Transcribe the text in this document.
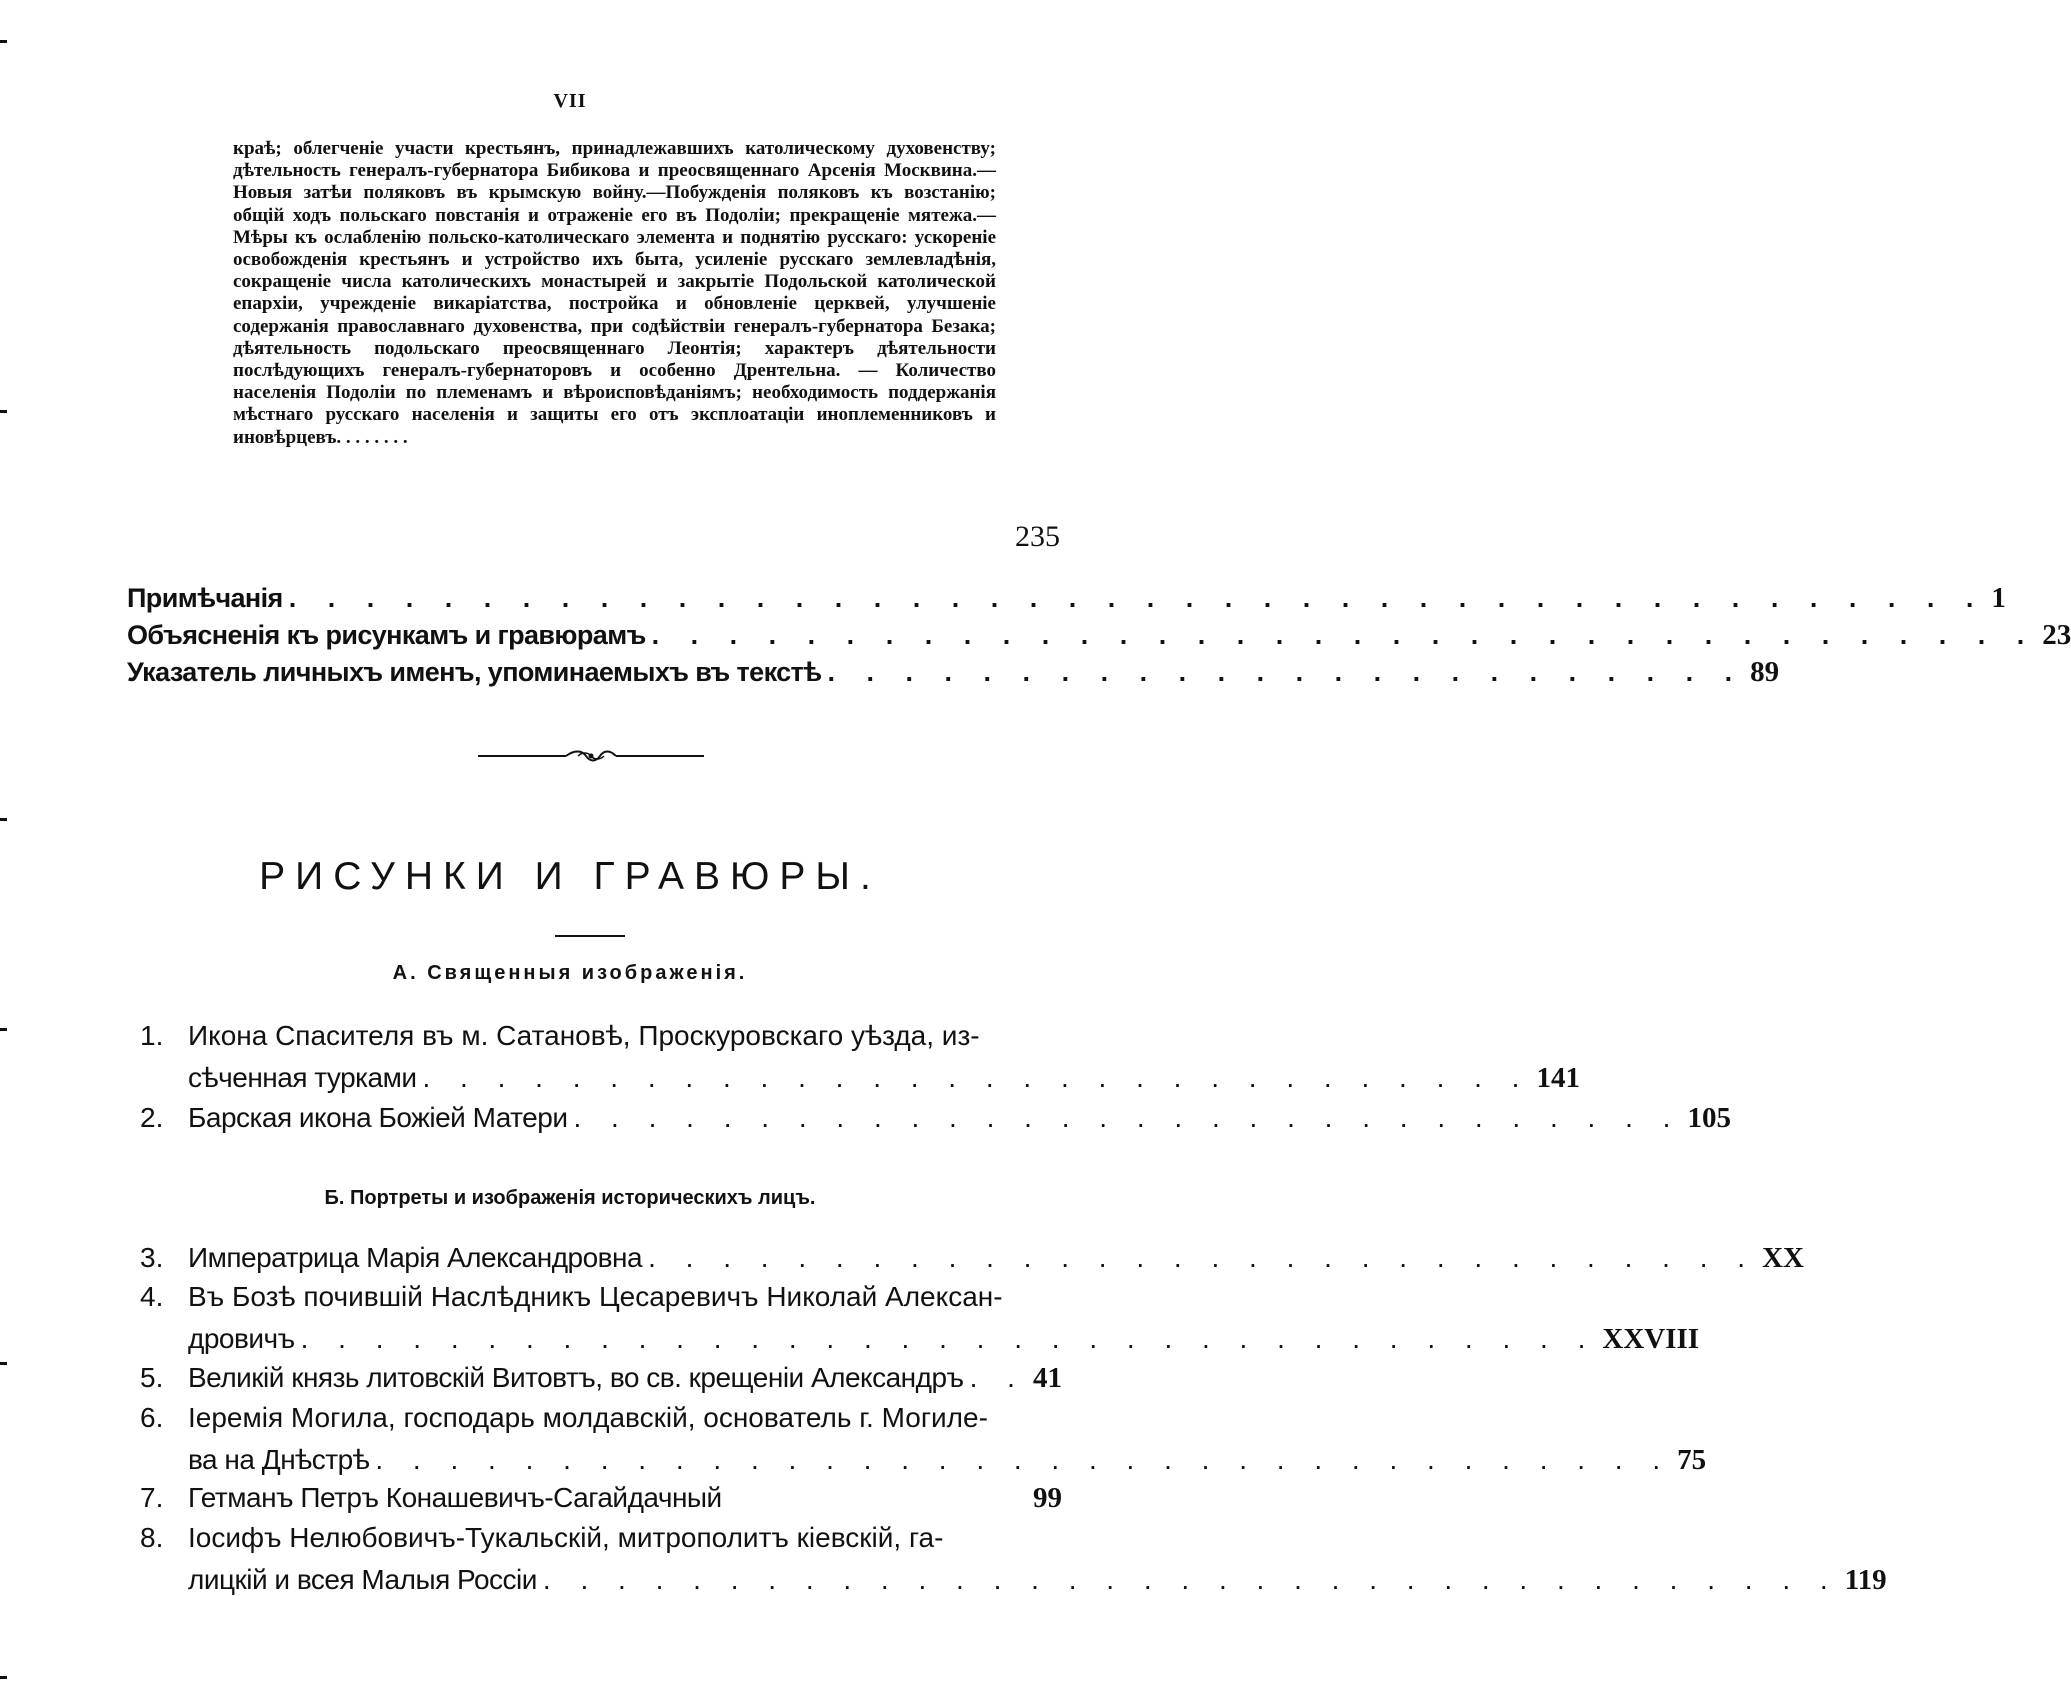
VII
краѣ; облегченіе участи крестьянъ, принадлежавшихъ католическому духовенству; дѣтельность генералъ-губернатора Бибикова и преосвященнаго Арсенія Москвина.—Новыя затѣи поляковъ въ крымскую войну.—Побужденія поляковъ къ возстанію; общій ходъ польскаго повстанія и отраженіе его въ Подоліи; прекращеніе мятежа.—Мѣры къ ослабленію польско-католическаго элемента и поднятію русскаго: ускореніе освобожденія крестьянъ и устройство ихъ быта, усиленіе русскаго землевладѣнія, сокращеніе числа католическихъ монастырей и закрытіе Подольской католической епархіи, учрежденіе викаріатства, постройка и обновленіе церквей, улучшеніе содержанія православнаго духовенства, при содѣйствіи генералъ-губернатора Безака; дѣятельность подольскаго преосвященнаго Леонтія; характеръ дѣятельности послѣдующихъ генералъ-губернаторовъ и особенно Дрентельна. — Количество населенія Подоліи по племенамъ и вѣроисповѣданіямъ; необходимость поддержанія мѣстнаго русскаго населенія и защиты его отъ эксплоатаціи иноплеменниковъ и иновѣрцевъ. . . . . . . .
235
Примѣчанія . . . . . . . . . . . . . . . . . . . . . . . . . . . . . . . . . . . . . . . . . . . . 1
Объясненія къ рисункамъ и гравюрамъ . . . . . . . . . . . . . . . . . . . . . . . . . . . . . . . . . . . . 23
Указатель личныхъ именъ, упоминаемыхъ въ текстѣ . . . . . . . . . . . . . . . . . . . . . . . . 89
РИСУНКИ И ГРАВЮРЫ.
А. Священныя изображенія.
1. Икона Спасителя въ м. Сатановѣ, Проскуровскаго уѣзда, из-
сѣченная турками . . . . . . . . . . . . . . . . . . . . . . . . . . . . . . 141
2. Барская икона Божіей Матери . . . . . . . . . . . . . . . . . . . . . . . . . . . . . . 105
Б. Портреты и изображенія историческихъ лицъ.
3. Императрица Марія Александровна . . . . . . . . . . . . . . . . . . . . . . . . . . . . . . XX
4. Въ Бозѣ почившій Наслѣдникъ Цесаревичъ Николай Алексан-
дровичъ . . . . . . . . . . . . . . . . . . . . . . . . . . . . . . . . . . . XXVIII
5. Великій князь литовскій Витовтъ, во св. крещеніи Александръ . . 41
6. Іеремія Могила, господарь молдавскій, основатель г. Могиле-
ва на Днѣстрѣ . . . . . . . . . . . . . . . . . . . . . . . . . . . . . . . . . . . 75
7. Гетманъ Петръ Конашевичъ-Сагайдачный
	99
8. Іосифъ Нелюбовичъ-Тукальскій, митрополитъ кіевскій, га-
лицкій и всея Малыя Россіи . . . . . . . . . . . . . . . . . . . . . . . . . . . . . . . . . . . 119
